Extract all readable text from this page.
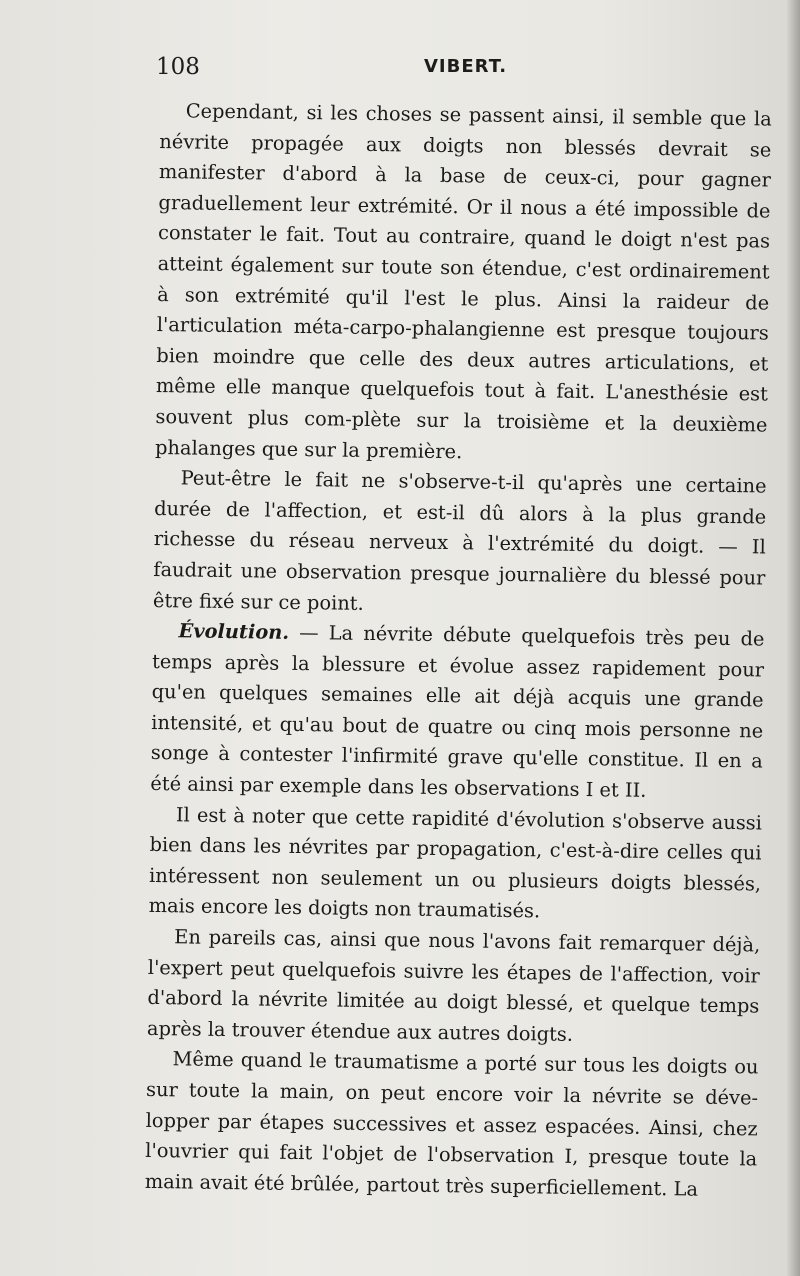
108	VIBERT.

Cependant, si les choses se passent ainsi, il semble que la névrite propagée aux doigts non blessés devrait se manifester d'abord à la base de ceux-ci, pour gagner graduellement leur extrémité. Or il nous a été impossible de constater le fait. Tout au contraire, quand le doigt n'est pas atteint également sur toute son étendue, c'est ordinairement à son extrémité qu'il l'est le plus. Ainsi la raideur de l'articulation méta-carpo-phalangienne est presque toujours bien moindre que celle des deux autres articulations, et même elle manque quelquefois tout à fait. L'anesthésie est souvent plus com-plète sur la troisième et la deuxième phalanges que sur la première.

Peut-être le fait ne s'observe-t-il qu'après une certaine durée de l'affection, et est-il dû alors à la plus grande richesse du réseau nerveux à l'extrémité du doigt. — Il faudrait une observation presque journalière du blessé pour être fixé sur ce point.

Évolution. — La névrite débute quelquefois très peu de temps après la blessure et évolue assez rapidement pour qu'en quelques semaines elle ait déjà acquis une grande intensité, et qu'au bout de quatre ou cinq mois personne ne songe à contester l'infirmité grave qu'elle constitue. Il en a été ainsi par exemple dans les observations I et II.

Il est à noter que cette rapidité d'évolution s'observe aussi bien dans les névrites par propagation, c'est-à-dire celles qui intéressent non seulement un ou plusieurs doigts blessés, mais encore les doigts non traumatisés.

En pareils cas, ainsi que nous l'avons fait remarquer déjà, l'expert peut quelquefois suivre les étapes de l'affection, voir d'abord la névrite limitée au doigt blessé, et quelque temps après la trouver étendue aux autres doigts.

Même quand le traumatisme a porté sur tous les doigts ou sur toute la main, on peut encore voir la névrite se déve-lopper par étapes successives et assez espacées. Ainsi, chez l'ouvrier qui fait l'objet de l'observation I, presque toute la main avait été brûlée, partout très superficiellement. La
